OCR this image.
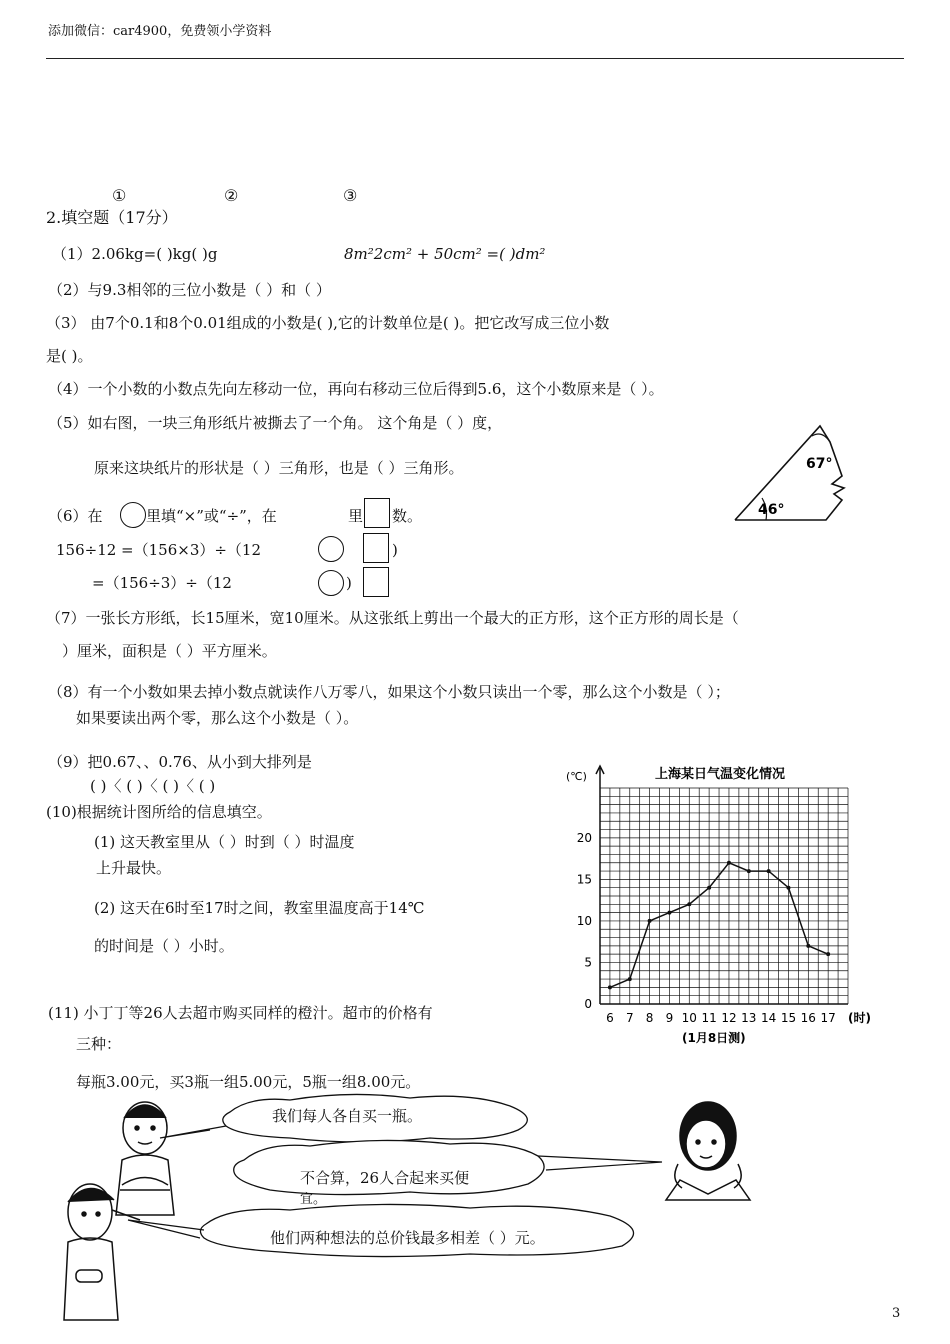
添加微信：car4900，免费领小学资料
①	②	③
2.填空题（17分）
（1）2.06kg=( )kg( )g	8m²2cm² + 50cm² =( )dm²
（2）与9.3相邻的三位小数是（ ）和（ ）
（3） 由7个0.1和8个0.01组成的小数是( ),它的计数单位是( )。把它改写成三位小数
是( )。
（4）一个小数的小数点先向左移动一位，再向右移动三位后得到5.6，这个小数原来是（ ）。
（5）如右图，一块三角形纸片被撕去了一个角。 这个角是（ ）度，
原来这块纸片的形状是（ ）三角形，也是（ ）三角形。	67°
46°
（6）在	里填“×”或“÷”，在	里 数。
156÷12 =（156×3）÷（12	)
=（156÷3）÷（12	)
（7）一张长方形纸，长15厘米，宽10厘米。从这张纸上剪出一个最大的正方形，这个正方形的周长是（
）厘米，面积是（ ）平方厘米。
（8）有一个小数如果去掉小数点就读作八万零八，如果这个小数只读出一个零，那么这个小数是（ ）；
如果要读出两个零，那么这个小数是（ ）。
（9）把0.67、、0.76、从小到大排列是
( )〈 ( )〈 ( )〈 ( )
(10)根据统计图所给的信息填空。
(1) 这天教室里从（ ）时到（ ）时温度
上升最快。
(2) 这天在6时至17时之间，教室里温度高于14℃
的时间是（ ）小时。
上海某日气温变化情况
(℃)
0
5
10
15
20
6 7 8 9 10 11 12 13 14 15 16 17 (时)
(1月8日测)
(11) 小丁丁等26人去超市购买同样的橙汁。超市的价格有
三种：
每瓶3.00元，买3瓶一组5.00元，5瓶一组8.00元。
我们每人各自买一瓶。
不合算，26人合起来买便
宜。
他们两种想法的总价钱最多相差（ ）元。
3
